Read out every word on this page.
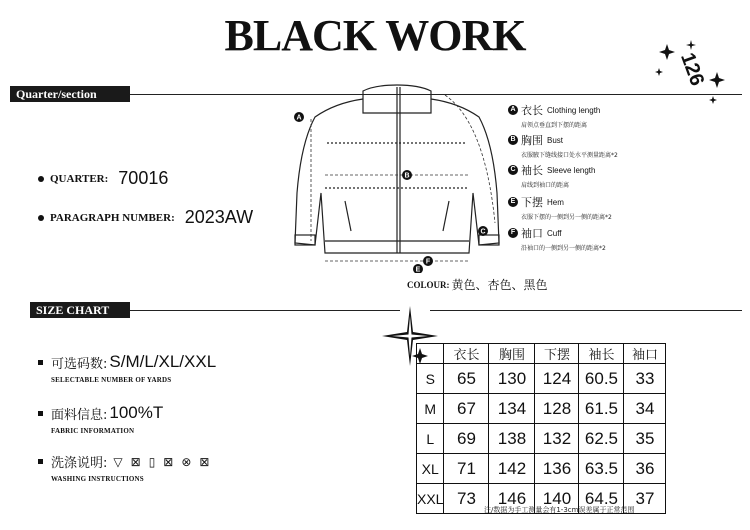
BLACK WORK
126
Quarter/section number
QUARTER: 70016
PARAGRAPH NUMBER: 2023AW
A
B
C
E
F
A 衣长 Clothing length
肩领点垂直到下摆的距离
B 胸围 Bust
衣服腋下缝线接口处水平测量距离*2
C 袖长 Sleeve length
肩线到袖口的距离
E 下摆 Hem
衣服下摆的一侧到另一侧的距离*2
F 袖口 Cuff
沿袖口的一侧到另一侧的距离*2
COLOUR: 黄色、杏色、黑色
SIZE CHART
可选码数: S/M/L/XL/XXL
SELECTABLE NUMBER OF YARDS
面料信息: 100%T
FABRIC INFORMATION
洗涤说明: ▽ ⊠ ▯ ⊠ ⊗ ⊠
WASHING INSTRUCTIONS
	衣长	胸围	下摆	袖长	袖口
S	65	130	124	60.5	33
M	67	134	128	61.5	34
L	69	138	132	62.5	35
XL	71	142	136	63.5	36
XXL	73	146	140	64.5	37
注/数据为手工测量会有1-3cm误差属于正常范围
